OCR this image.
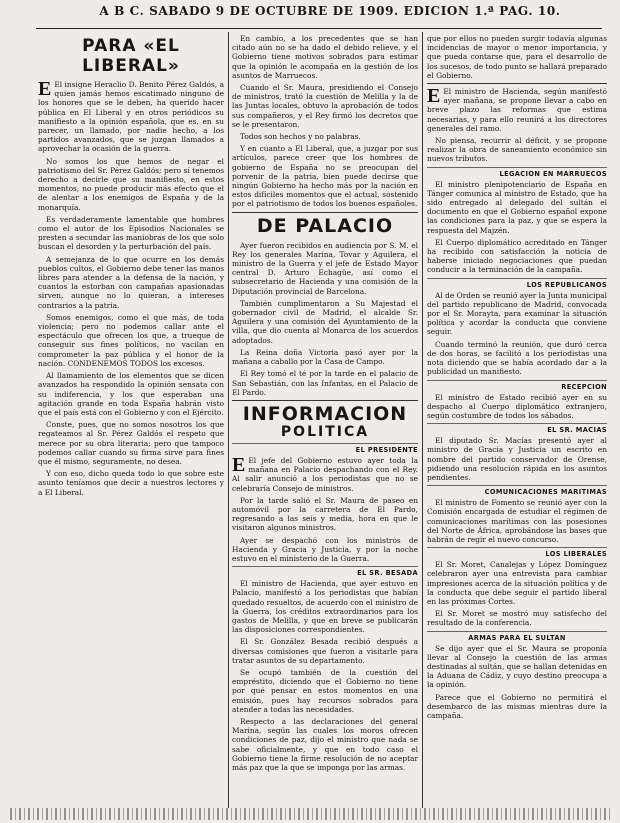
A B C. SABADO 9 DE OCTUBRE DE 1909. EDICION 1.ª PAG. 10.
PARA «EL LIBERAL»

E El insigne Heraclio D. Benito Pérez Galdós, a quien jamás hemos escatimado ninguno de los honores que se le deben, ha querido hacer pública en El Liberal y en otros periódicos su manifiesto a la opinión española, que es, en su parecer, un llamado, por nadie hecho, a los partidos avanzados, que se juzgan llamados a aprovechar la ocasión de la guerra.

No somos los que hemos de negar el patriotismo del Sr. Pérez Galdós; pero sí tenemos derecho a decirle que su manifiesto, en estos momentos, no puede producir más efecto que el de alentar a los enemigos de España y de la monarquía.

Es verdaderamente lamentable que hombres como el autor de los Episodios Nacionales se presten a secundar las maniobras de los que solo buscan el desorden y la perturbación del país.

A semejanza de lo que ocurre en los demás pueblos cultos, el Gobierno debe tener las manos libres para atender a la defensa de la nación, y cuantos la estorban con campañas apasionadas sirven, aunque no lo quieran, a intereses contrarios a la patria.

Somos enemigos, como el que más, de toda violencia; pero no podemos callar ante el espectáculo que ofrecen los que, a trueque de conseguir sus fines políticos, no vacilan en comprometer la paz pública y el honor de la nación. CONDENEMOS TODOS los excesos.

Al llamamiento de los elementos que se dicen avanzados ha respondido la opinión sensata con su indiferencia, y los que esperaban una agitación grande en toda España habrán visto que el país está con el Gobierno y con el Ejército.

Conste, pues, que no somos nosotros los que regateamos al Sr. Pérez Galdós el respeto que merece por su obra literaria; pero que tampoco podemos callar cuando su firma sirve para fines que él mismo, seguramente, no desea.

Y con eso, dicho queda todo lo que sobre este asunto teníamos que decir a nuestros lectores y a El Liberal.

En cambio, a los precedentes que se han citado aún no se ha dado el debido relieve, y el Gobierno tiene motivos sobrados para estimar que la opinión le acompaña en la gestión de los asuntos de Marruecos.

Cuando el Sr. Maura, presidiendo el Consejo de ministros, trató la cuestión de Melilla y la de las Juntas locales, obtuvo la aprobación de todos sus compañeros, y el Rey firmó los decretos que se le presentaron.

Todos son hechos y no palabras.

Y en cuanto a El Liberal, que, a juzgar por sus artículos, parece creer que los hombres de gobierno de España no se preocupan del porvenir de la patria, bien puede decirse que ningún Gobierno ha hecho más por la nación en estos difíciles momentos que el actual, sostenido por el patriotismo de todos los buenos españoles.

DE PALACIO

Ayer fueron recibidos en audiencia por S. M. el Rey los generales Marina, Tovar y Aguilera, el ministro de la Guerra y el jefe de Estado Mayor central D. Arturo Echagüe, así como el subsecretario de Hacienda y una comisión de la Diputación provincial de Barcelona.

También cumplimentaron a Su Majestad el gobernador civil de Madrid, el alcalde Sr. Aguilera y una comisión del Ayuntamiento de la villa, que dio cuenta al Monarca de los acuerdos adoptados.

La Reina doña Victoria pasó ayer por la mañana a caballo por la Casa de Campo.

El Rey tomó el té por la tarde en el palacio de San Sebastián, con las Infantas, en el Palacio de El Pardo.

INFORMACION
POLITICA
EL PRESIDENTE

E El jefe del Gobierno estuvo ayer toda la mañana en Palacio despachando con el Rey. Al salir anunció a los periodistas que no se celebraría Consejo de ministros.

Por la tarde salió el Sr. Maura de paseo en automóvil por la carretera de El Pardo, regresando a las seis y media, hora en que le visitaron algunos ministros.

Ayer se despachó con los ministros de Hacienda y Gracia y Justicia, y por la noche estuvo en el ministerio de la Guerra.

EL SR. BESADA

El ministro de Hacienda, que ayer estuvo en Palacio, manifestó a los periodistas que habían quedado resueltos, de acuerdo con el ministro de la Guerra, los créditos extraordinarios para los gastos de Melilla, y que en breve se publicarán las disposiciones correspondientes.

El Sr. González Besada recibió después a diversas comisiones que fueron a visitarle para tratar asuntos de su departamento.

Se ocupó también de la cuestión del empréstito, diciendo que el Gobierno no tiene por qué pensar en estos momentos en una emisión, pues hay recursos sobrados para atender a todas las necesidades.

Respecto a las declaraciones del general Marina, según las cuales los moros ofrecen condiciones de paz, dijo el ministro que nada se sabe oficialmente, y que en todo caso el Gobierno tiene la firme resolución de no aceptar más paz que la que se imponga por las armas.

que por ellos no pueden surgir todavía algunas incidencias de mayor o menor importancia, y que pueda contarse que, para el desarrollo de los sucesos, de todo punto se hallará preparado el Gobierno.

E El ministro de Hacienda, según manifestó ayer mañana, se propone llevar a cabo en breve plazo las reformas que estima necesarias, y para ello reunirá a los directores generales del ramo.

No piensa, recurrir al déficit, y se propone realizar la obra de saneamiento económico sin nuevos tributos.

LEGACION EN MARRUECOS

El ministro plenipotenciario de España en Tánger comunica al ministro de Estado, que ha sido entregado al delegado del sultán el documento en que el Gobierno español expone las condiciones para la paz, y que se espera la respuesta del Majzén.

El Cuerpo diplomático acreditado en Tánger ha recibido con satisfacción la noticia de haberse iniciado negociaciones que puedan conducir a la terminación de la campaña.

LOS REPUBLICANOS

Al de Orden se reunió ayer la Junta municipal del partido republicano de Madrid, convocada por el Sr. Morayta, para examinar la situación política y acordar la conducta que conviene seguir.

Cuando terminó la reunión, que duró cerca de dos horas, se facilitó a los periodistas una nota diciendo que se había acordado dar a la publicidad un manifiesto.

RECEPCION

El ministro de Estado recibió ayer en su despacho al Cuerpo diplomático extranjero, según costumbre de todos los sábados.

EL SR. MACIAS

El diputado Sr. Macías presentó ayer al ministro de Gracia y Justicia un escrito en nombre del partido conservador de Orense, pidiendo una resolución rápida en los asuntos pendientes.

COMUNICACIONES MARITIMAS

El ministro de Fomento se reunió ayer con la Comisión encargada de estudiar el régimen de comunicaciones marítimas con las posesiones del Norte de África, aprobándose las bases que habrán de regir el nuevo concurso.

LOS LIBERALES

El Sr. Moret, Canalejas y López Domínguez celebraron ayer una entrevista para cambiar impresiones acerca de la situación política y de la conducta que debe seguir el partido liberal en las próximas Cortes.

El Sr. Moret se mostró muy satisfecho del resultado de la conferencia.

ARMAS PARA EL SULTAN

Se dijo ayer que el Sr. Maura se proponía llevar al Consejo la cuestión de las armas destinadas al sultán, que se hallan detenidas en la Aduana de Cádiz, y cuyo destino preocupa a la opinión.

Parece que el Gobierno no permitirá el desembarco de las mismas mientras dure la campaña.
